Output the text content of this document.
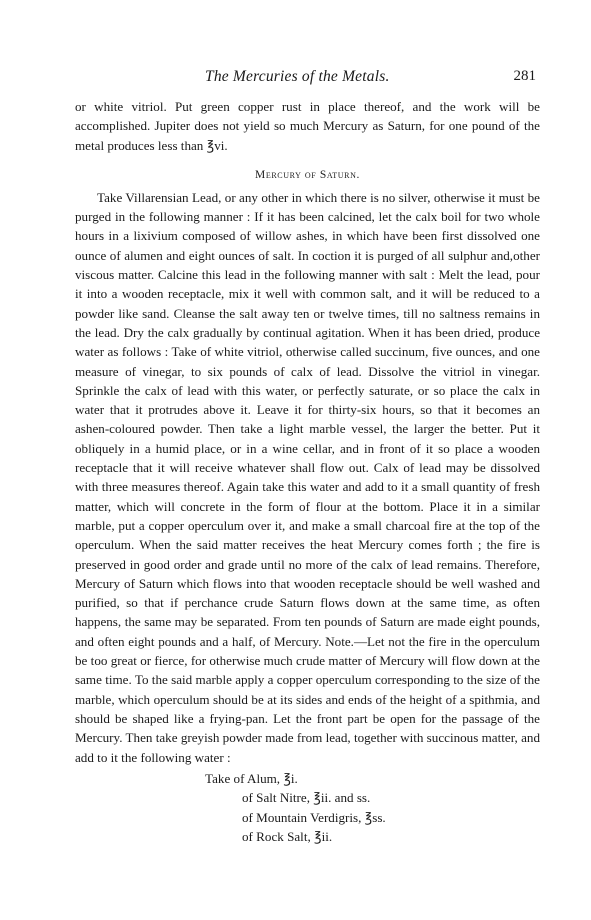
The Mercuries of the Metals.	281

or white vitriol. Put green copper rust in place thereof, and the work will be accomplished. Jupiter does not yield so much Mercury as Saturn, for one pound of the metal produces less than ℥vi.

Mercury of Saturn.

Take Villarensian Lead, or any other in which there is no silver, otherwise it must be purged in the following manner : If it has been calcined, let the calx boil for two whole hours in a lixivium composed of willow ashes, in which have been first dissolved one ounce of alumen and eight ounces of salt. In coction it is purged of all sulphur and,other viscous matter. Calcine this lead in the following manner with salt : Melt the lead, pour it into a wooden receptacle, mix it well with common salt, and it will be reduced to a powder like sand. Cleanse the salt away ten or twelve times, till no saltness remains in the lead. Dry the calx gradually by continual agitation. When it has been dried, produce water as follows : Take of white vitriol, otherwise called succinum, five ounces, and one measure of vinegar, to six pounds of calx of lead. Dissolve the vitriol in vinegar. Sprinkle the calx of lead with this water, or perfectly saturate, or so place the calx in water that it protrudes above it. Leave it for thirty-six hours, so that it becomes an ashen-coloured powder. Then take a light marble vessel, the larger the better. Put it obliquely in a humid place, or in a wine cellar, and in front of it so place a wooden receptacle that it will receive whatever shall flow out. Calx of lead may be dissolved with three measures thereof. Again take this water and add to it a small quantity of fresh matter, which will concrete in the form of flour at the bottom. Place it in a similar marble, put a copper operculum over it, and make a small charcoal fire at the top of the operculum. When the said matter receives the heat Mercury comes forth ; the fire is preserved in good order and grade until no more of the calx of lead remains. Therefore, Mercury of Saturn which flows into that wooden receptacle should be well washed and purified, so that if perchance crude Saturn flows down at the same time, as often happens, the same may be separated. From ten pounds of Saturn are made eight pounds, and often eight pounds and a half, of Mercury. Note.—Let not the fire in the operculum be too great or fierce, for otherwise much crude matter of Mercury will flow down at the same time. To the said marble apply a copper operculum corresponding to the size of the marble, which operculum should be at its sides and ends of the height of a spithmia, and should be shaped like a frying-pan. Let the front part be open for the passage of the Mercury. Then take greyish powder made from lead, together with succinous matter, and add to it the following water :

Take of Alum, ℥i.
of Salt Nitre, ℥ii. and ss.
of Mountain Verdigris, ℥ss.
of Rock Salt, ℥ii.
